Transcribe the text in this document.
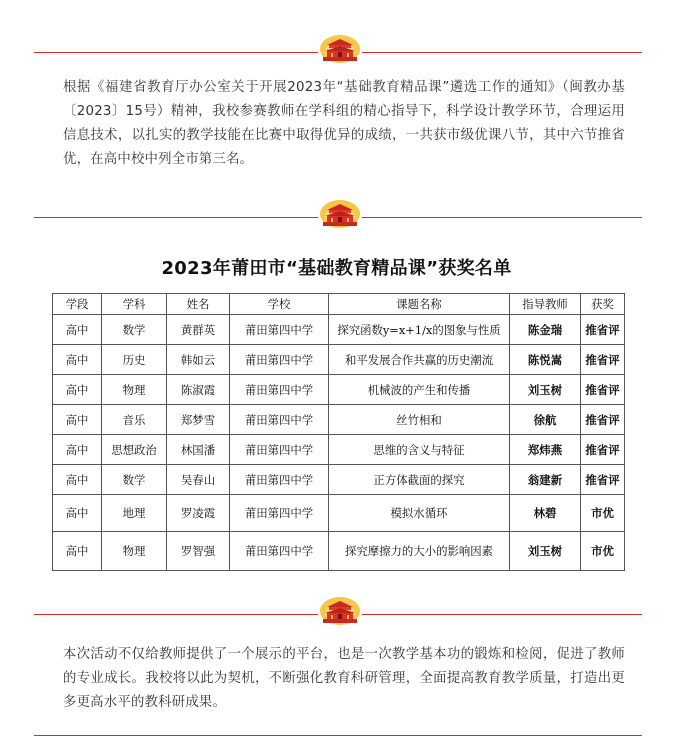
根据《福建省教育厅办公室关于开展2023年“基础教育精品课”遴选工作的通知》（闽教办基〔2023〕15号）精神，我校参赛教师在学科组的精心指导下，科学设计教学环节，合理运用信息技术，以扎实的教学技能在比赛中取得优异的成绩，一共获市级优课八节，其中六节推省优，在高中校中列全市第三名。

2023年莆田市“基础教育精品课”获奖名单
学段	学科	姓名	学校	课题名称	指导教师	获奖
高中	数学	黄群英	莆田第四中学	探究函数y=x+1/x的图象与性质	陈金瑞	推省评
高中	历史	韩如云	莆田第四中学	和平发展合作共赢的历史潮流	陈悦嵩	推省评
高中	物理	陈淑霞	莆田第四中学	机械波的产生和传播	刘玉树	推省评
高中	音乐	郑梦雪	莆田第四中学	丝竹相和	徐航	推省评
高中	思想政治	林国潘	莆田第四中学	思维的含义与特征	郑炜燕	推省评
高中	数学	吴春山	莆田第四中学	正方体截面的探究	翁建新	推省评
高中	地理	罗凌霞	莆田第四中学	模拟水循环	林碧	市优
高中	物理	罗智强	莆田第四中学	探究摩擦力的大小的影响因素	刘玉树	市优

本次活动不仅给教师提供了一个展示的平台，也是一次教学基本功的锻炼和检阅，促进了教师的专业成长。我校将以此为契机，不断强化教育科研管理，全面提高教育教学质量，打造出更多更高水平的教科研成果。
